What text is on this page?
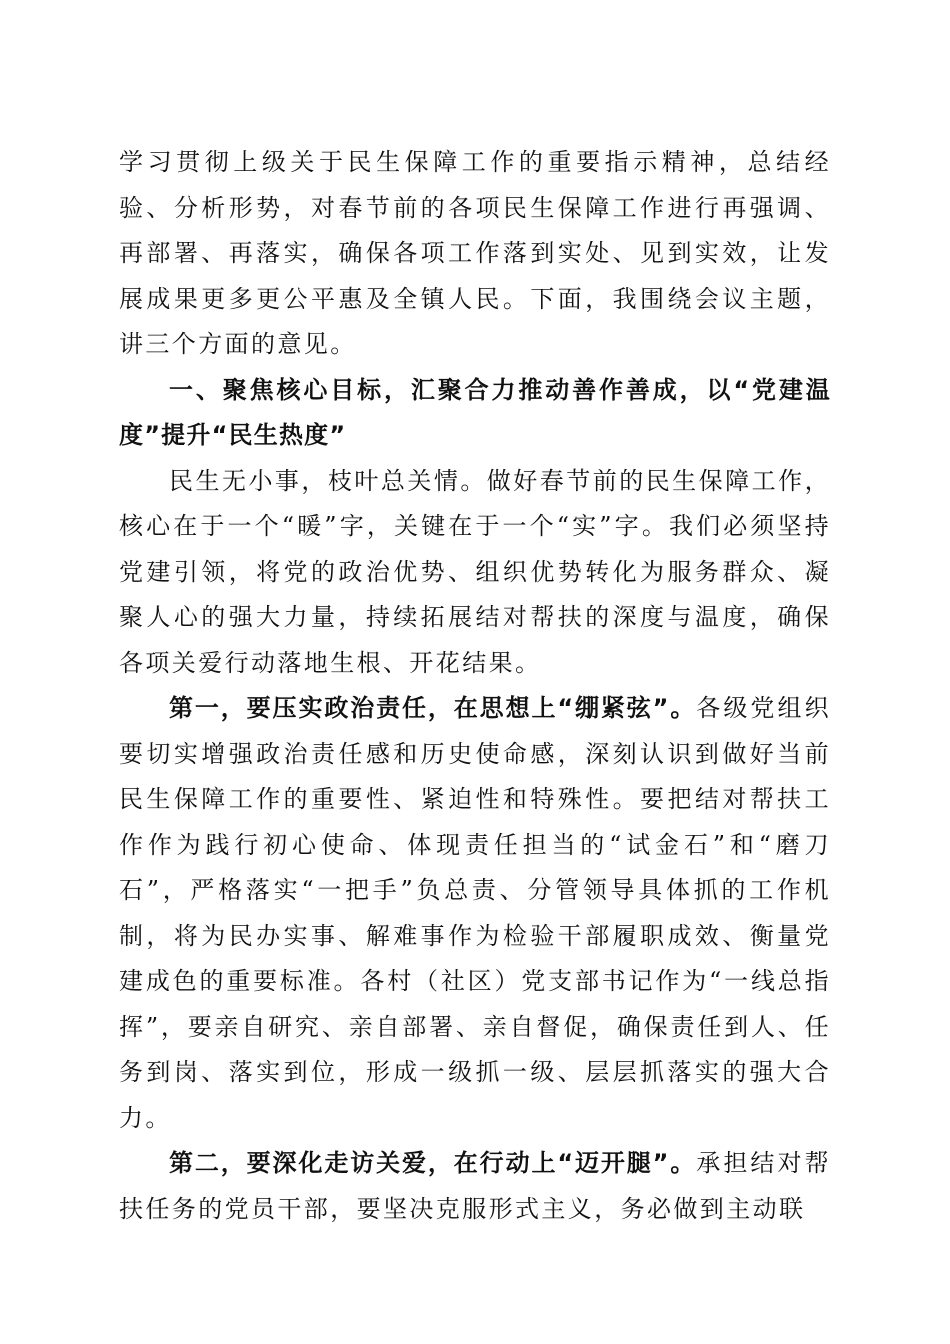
学习贯彻上级关于民生保障工作的重要指示精神，总结经验、分析形势，对春节前的各项民生保障工作进行再强调、再部署、再落实，确保各项工作落到实处、见到实效，让发展成果更多更公平惠及全镇人民。下面，我围绕会议主题，讲三个方面的意见。

一、聚焦核心目标，汇聚合力推动善作善成，以“党建温度”提升“民生热度”

民生无小事，枝叶总关情。做好春节前的民生保障工作，核心在于一个“暖”字，关键在于一个“实”字。我们必须坚持党建引领，将党的政治优势、组织优势转化为服务群众、凝聚人心的强大力量，持续拓展结对帮扶的深度与温度，确保各项关爱行动落地生根、开花结果。

第一，要压实政治责任，在思想上“绷紧弦”。各级党组织要切实增强政治责任感和历史使命感，深刻认识到做好当前民生保障工作的重要性、紧迫性和特殊性。要把结对帮扶工作作为践行初心使命、体现责任担当的“试金石”和“磨刀石”，严格落实“一把手”负总责、分管领导具体抓的工作机制，将为民办实事、解难事作为检验干部履职成效、衡量党建成色的重要标准。各村（社区）党支部书记作为“一线总指挥”，要亲自研究、亲自部署、亲自督促，确保责任到人、任务到岗、落实到位，形成一级抓一级、层层抓落实的强大合力。

第二，要深化走访关爱，在行动上“迈开腿”。承担结对帮扶任务的党员干部，要坚决克服形式主义，务必做到主动联
